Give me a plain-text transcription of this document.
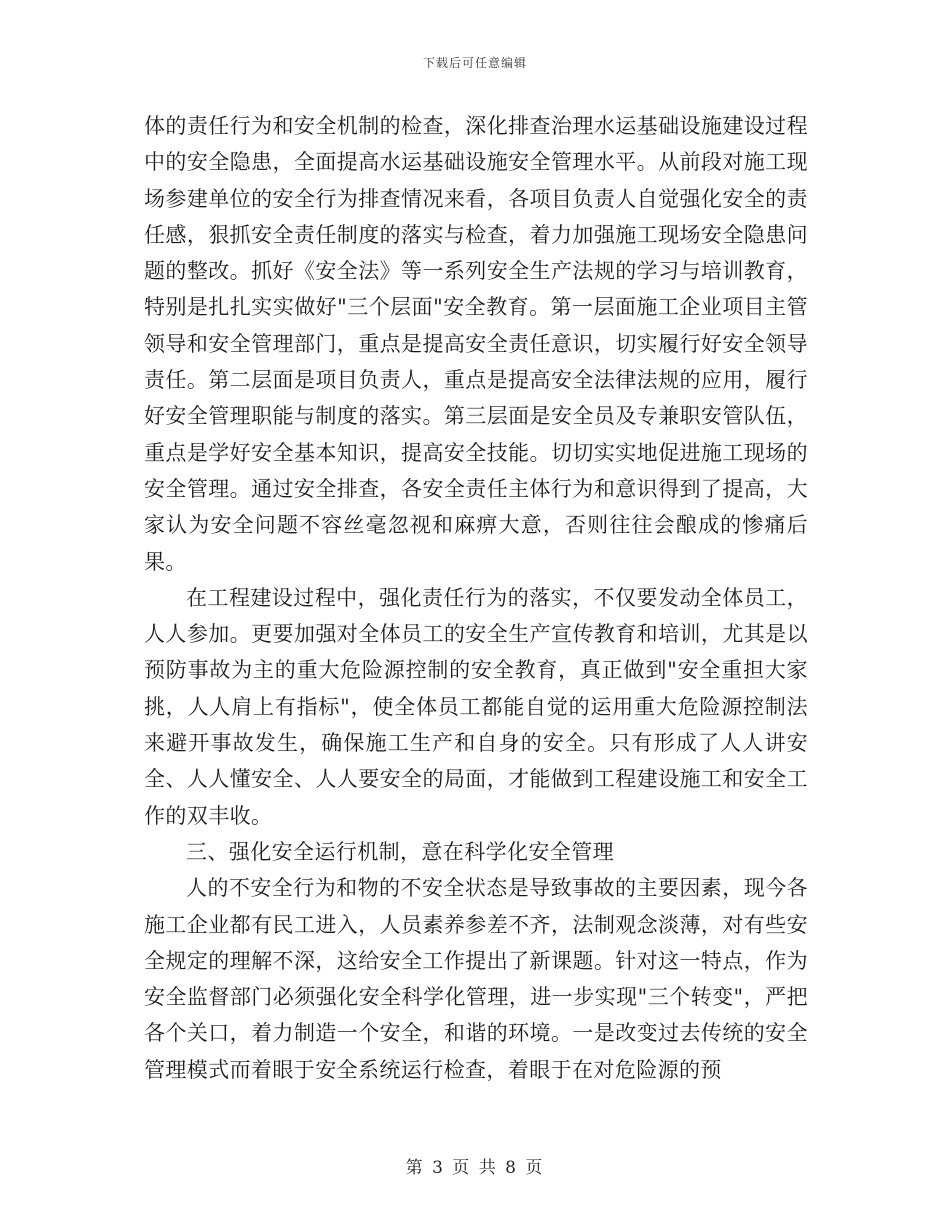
下载后可任意编辑

体的责任行为和安全机制的检查，深化排查治理水运基础设施建设过程中的安全隐患，全面提高水运基础设施安全管理水平。从前段对施工现场参建单位的安全行为排查情况来看，各项目负责人自觉强化安全的责任感，狠抓安全责任制度的落实与检查，着力加强施工现场安全隐患问题的整改。抓好《安全法》等一系列安全生产法规的学习与培训教育，特别是扎扎实实做好"三个层面"安全教育。第一层面施工企业项目主管领导和安全管理部门，重点是提高安全责任意识，切实履行好安全领导责任。第二层面是项目负责人，重点是提高安全法律法规的应用，履行好安全管理职能与制度的落实。第三层面是安全员及专兼职安管队伍，重点是学好安全基本知识，提高安全技能。切切实实地促进施工现场的安全管理。通过安全排查，各安全责任主体行为和意识得到了提高，大家认为安全问题不容丝毫忽视和麻痹大意，否则往往会酿成的惨痛后果。

在工程建设过程中，强化责任行为的落实，不仅要发动全体员工，人人参加。更要加强对全体员工的安全生产宣传教育和培训，尤其是以预防事故为主的重大危险源控制的安全教育，真正做到"安全重担大家挑，人人肩上有指标"，使全体员工都能自觉的运用重大危险源控制法来避开事故发生，确保施工生产和自身的安全。只有形成了人人讲安全、人人懂安全、人人要安全的局面，才能做到工程建设施工和安全工作的双丰收。

三、强化安全运行机制，意在科学化安全管理

人的不安全行为和物的不安全状态是导致事故的主要因素，现今各施工企业都有民工进入，人员素养参差不齐，法制观念淡薄，对有些安全规定的理解不深，这给安全工作提出了新课题。针对这一特点，作为安全监督部门必须强化安全科学化管理，进一步实现"三个转变"，严把各个关口，着力制造一个安全，和谐的环境。一是改变过去传统的安全管理模式而着眼于安全系统运行检查，着眼于在对危险源的预

第 3 页 共 8 页
